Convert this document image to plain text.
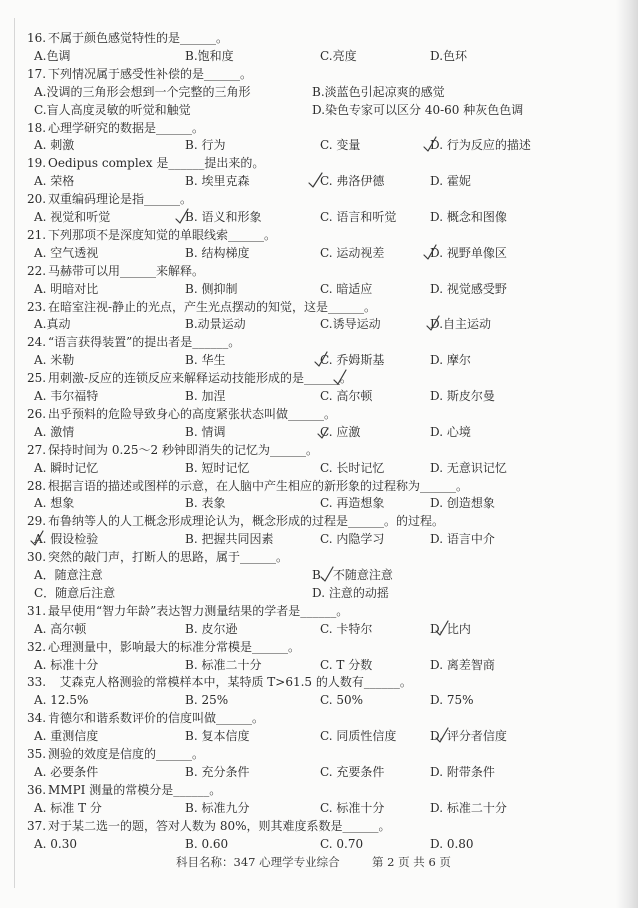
16. 不属于颜色感觉特性的是______。
A.色调	B.饱和度	C.亮度	D.色环
17. 下列情况属于感受性补偿的是______。
A.没调的三角形会想到一个完整的三角形	B.淡蓝色引起凉爽的感觉
C.盲人高度灵敏的听觉和触觉	D.染色专家可以区分 40-60 种灰色色调
18. 心理学研究的数据是______。
A. 刺激	B. 行为	C. 变量	D. 行为反应的描述
19. Oedipus complex 是______提出来的。
A. 荣格	B. 埃里克森	C. 弗洛伊德	D. 霍妮
20. 双重编码理论是指______。
A. 视觉和听觉	B. 语义和形象	C. 语言和听觉	D. 概念和图像
21. 下列那项不是深度知觉的单眼线索______。
A. 空气透视	B. 结构梯度	C. 运动视差	D. 视野单像区
22. 马赫带可以用______来解释。
A. 明暗对比	B. 侧抑制	C. 暗适应	D. 视觉感受野
23. 在暗室注视-静止的光点，产生光点摆动的知觉，这是______。
A.真动	B.动景运动	C.诱导运动	D.自主运动
24. “语言获得装置”的提出者是______。
A. 米勒	B. 华生	C. 乔姆斯基	D. 摩尔
25. 用刺激-反应的连锁反应来解释运动技能形成的是______。
A. 韦尔福特	B. 加涅	C. 高尔顿	D. 斯皮尔曼
26. 出乎预料的危险导致身心的高度紧张状态叫做______。
A. 激情	B. 情调	C. 应激	D. 心境
27. 保持时间为 0.25～2 秒钟即消失的记忆为______。
A. 瞬时记忆	B. 短时记忆	C. 长时记忆	D. 无意识记忆
28. 根据言语的描述或图样的示意，在人脑中产生相应的新形象的过程称为______。
A. 想象	B. 表象	C. 再造想象	D. 创造想象
29. 布鲁纳等人的人工概念形成理论认为，概念形成的过程是______。的过程。
A. 假设检验	B. 把握共同因素	C. 内隐学习	D. 语言中介
30. 突然的敲门声，打断人的思路，属于______。
A．随意注意	B．不随意注意
C．随意后注意	D. 注意的动摇
31. 最早使用“智力年龄”表达智力测量结果的学者是______。
A. 高尔顿	B. 皮尔逊	C. 卡特尔	D. 比内
32. 心理测量中，影响最大的标准分常模是______。
A. 标准十分	B. 标准二十分	C. T 分数	D. 离差智商
33. 艾森克人格测验的常模样本中，某特质 T>61.5 的人数有______。
A. 12.5%	B. 25%	C. 50%	D. 75%
34. 肯德尔和谐系数评价的信度叫做______。
A. 重测信度	B. 复本信度	C. 同质性信度	D. 评分者信度
35. 测验的效度是信度的______。
A. 必要条件	B. 充分条件	C. 充要条件	D. 附带条件
36. MMPI 测量的常模分是______。
A. 标准 T 分	B. 标准九分	C. 标准十分	D. 标准二十分
37. 对于某二选一的题，答对人数为 80%，则其难度系数是______。
A. 0.30	B. 0.60	C. 0.70	D. 0.80
科目名称：347 心理学专业综合	第 2 页 共 6 页
